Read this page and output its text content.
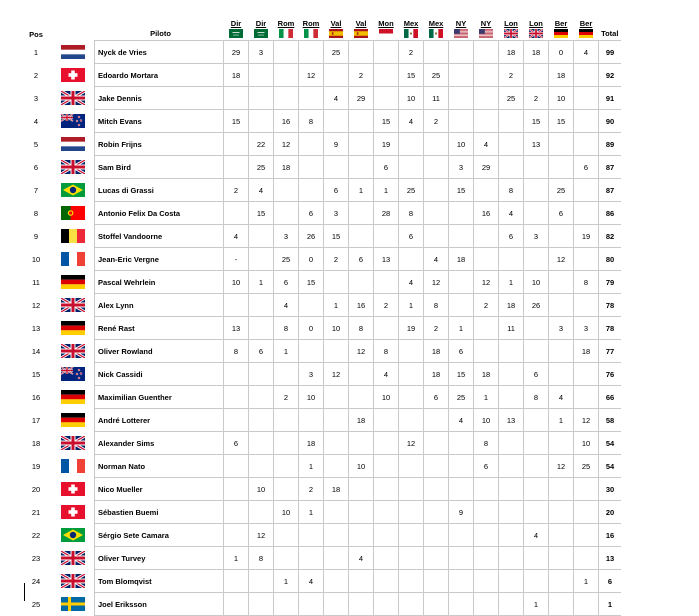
Pos		Piloto	Dir	Dir	Rom	Rom	Val	Val	Mon	Mex	Mex	NY	NY	Lon	Lon	Ber	Ber	Total
1		Nyck de Vries	29	3			25			2				18	18	0	4	99
2		Edoardo Mortara	18			12		2		15	25			2		18		92
3		Jake Dennis					4	29		10	11			25	2	10		91
4		Mitch Evans	15		16	8			15	4	2				15	15		90
5		Robin Frijns		22	12		9		19			10	4		13			89
6		Sam Bird		25	18				6			3	29				6	87
7		Lucas di Grassi	2	4			6	1	1	25		15		8		25		87
8		Antonio Felix Da Costa		15		6	3		28	8			16	4		6		86
9		Stoffel Vandoorne	4		3	26	15			6				6	3		19	82
10		Jean-Eric Vergne	-		25	0	2	6	13		4	18				12		80
11		Pascal Wehrlein	10	1	6	15				4	12		12	1	10		8	79
12		Alex Lynn			4		1	16	2	1	8		2	18	26			78
13		René Rast	13		8	0	10	8		19	2	1		11		3	3	78
14		Oliver Rowland	8	6	1			12	8		18	6					18	77
15		Nick Cassidi				3	12		4		18	15	18		6			76
16		Maximilian Guenther			2	10			10		6	25	1		8	4		66
17		André Lotterer						18				4	10	13		1	12	58
18		Alexander Sims	6			18				12			8				10	54
19		Norman Nato				1		10					6			12	25	54
20		Nico Mueller		10		2	18											30
21		Sébastien Buemi			10	1						9						20
22		Sérgio Sete Camara		12											4			16
23		Oliver Turvey	1	8				4										13
24		Tom Blomqvist			1	4											1	6
25		Joel Eriksson													1			1
